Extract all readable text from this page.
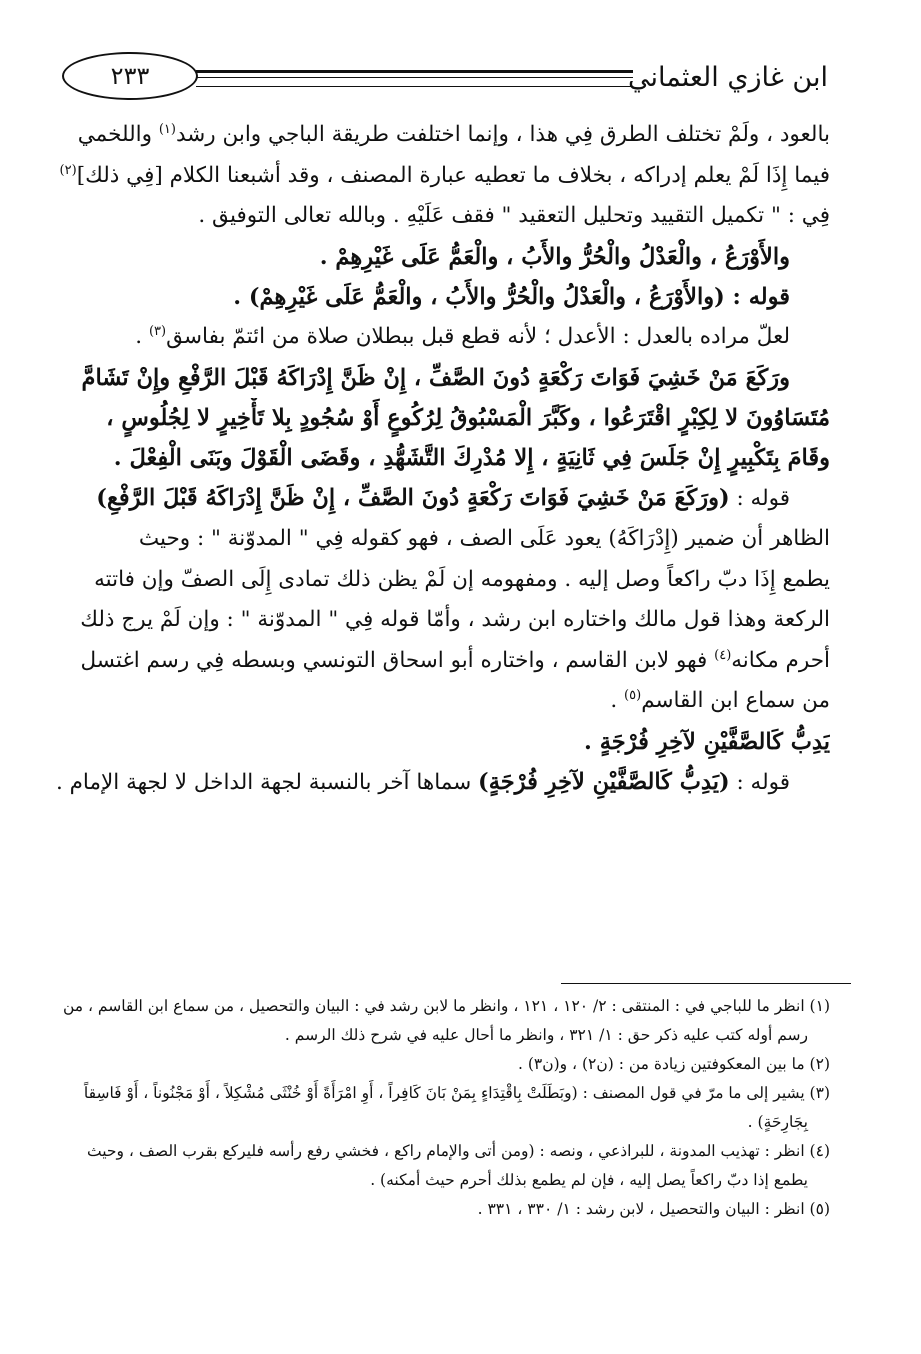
ابن غازي العثماني
٢٣٣
بالعود ، ولَمْ تختلف الطرق فِي هذا ، وإنما اختلفت طريقة الباجي وابن رشد$^{(١)}$ واللخمي
فيما إِذَا لَمْ يعلم إدراكه ، بخلاف ما تعطيه عبارة المصنف ، وقد أشبعنا الكلام [فِي ذلك]$^{(٢)}$
فِي : " تكميل التقييد وتحليل التعقيد " فقف عَلَيْهِ . وبالله تعالى التوفيق .
والأَوْرَعُ ، والْعَدْلُ والْحُرُّ والأَبُ ، والْعَمُّ عَلَى غَيْرِهِمْ .
قوله : (والأَوْرَعُ ، والْعَدْلُ والْحُرُّ والأَبُ ، والْعَمُّ عَلَى غَيْرِهِمْ) .
لعلّ مراده بالعدل : الأعدل ؛ لأنه قطع قبل ببطلان صلاة من ائتمّ بفاسق$^{(٣)}$ .
ورَكَعَ مَنْ خَشِيَ فَوَاتَ رَكْعَةٍ دُونَ الصَّفِّ ، إِنْ ظَنَّ إِدْرَاكَهُ قَبْلَ الرَّفْعِ وإِنْ تَشَامَّ
مُتَسَاوُونَ لا لِكِبْرٍ اقْتَرَعُوا ، وكَبَّرَ الْمَسْبُوقُ لِرُكُوعٍ أَوْ سُجُودٍ بِلا تَأْخِيرٍ لا لِجُلُوسٍ ،
وقَامَ بِتَكْبِيرٍ إِنْ جَلَسَ فِي ثَانِيَةٍ ، إِلا مُدْرِكَ التَّشَهُّدِ ، وقَضَى الْقَوْلَ وبَنَى الْفِعْلَ .
قوله : (ورَكَعَ مَنْ خَشِيَ فَوَاتَ رَكْعَةٍ دُونَ الصَّفِّ ، إِنْ ظَنَّ إِدْرَاكَهُ قَبْلَ الرَّفْعِ)
الظاهر أن ضمير (إِدْرَاكَهُ) يعود عَلَى الصف ، فهو كقوله فِي " المدوّنة " : وحيث
يطمع إِذَا دبّ راكعاً وصل إليه . ومفهومه إن لَمْ يظن ذلك تمادى إِلَى الصفّ وإن فاتته
الركعة وهذا قول مالك واختاره ابن رشد ، وأمّا قوله فِي " المدوّنة " : وإن لَمْ يرج ذلك
أحرم مكانه$^{(٤)}$ فهو لابن القاسم ، واختاره أبو اسحاق التونسي وبسطه فِي رسم اغتسل
من سماع ابن القاسم$^{(٥)}$ .
يَدِبُّ كَالصَّفَّيْنِ لآخِرِ فُرْجَةٍ .
قوله : (يَدِبُّ كَالصَّفَّيْنِ لآخِرِ فُرْجَةٍ) سماها آخر بالنسبة لجهة الداخل لا لجهة الإمام .
(١) انظر ما للباجي في : المنتقى : ٢/ ١٢٠ ، ١٢١ ، وانظر ما لابن رشد في : البيان والتحصيل ، من سماع ابن القاسم ، من
رسم أوله كتب عليه ذكر حق : ١/ ٣٢١ ، وانظر ما أحال عليه في شرح ذلك الرسم .
(٢) ما بين المعكوفتين زيادة من : (ن٢) ، و(ن٣) .
(٣) يشير إلى ما مرّ في قول المصنف : (وبَطَلَتْ بِاقْتِدَاءٍ بِمَنْ بَانَ كَافِراً ، أَوِ امْرَأَةً أَوْ خُنْثَى مُشْكِلاً ، أَوْ مَجْنُوناً ، أَوْ فَاسِقاً
بِجَارِحَةٍ) .
(٤) انظر : تهذيب المدونة ، للبراذعي ، ونصه : (ومن أتى والإمام راكع ، فخشي رفع رأسه فليركع بقرب الصف ، وحيث
يطمع إذا دبّ راكعاً يصل إليه ، فإن لم يطمع بذلك أحرم حيث أمكنه) .
(٥) انظر : البيان والتحصيل ، لابن رشد : ١/ ٣٣٠ ، ٣٣١ .
